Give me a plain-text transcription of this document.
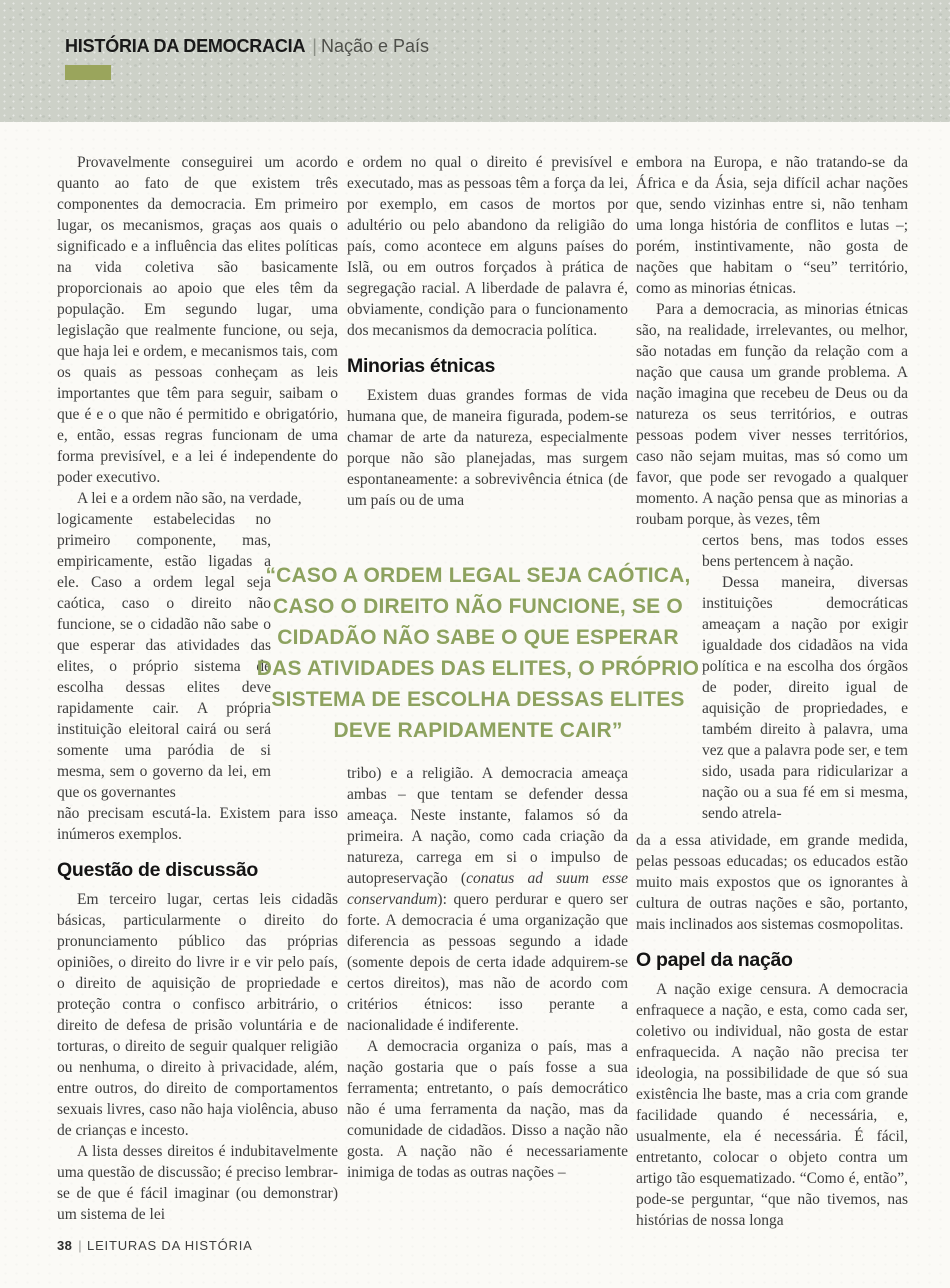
HISTÓRIA DA DEMOCRACIA | Nação e País

Provavelmente conseguirei um acordo quanto ao fato de que existem três componentes da democracia. Em primeiro lugar, os mecanismos, graças aos quais o significado e a influência das elites políticas na vida coletiva são basicamente proporcionais ao apoio que eles têm da população. Em segundo lugar, uma legislação que realmente funcione, ou seja, que haja lei e ordem, e mecanismos tais, com os quais as pessoas conheçam as leis importantes que têm para seguir, saibam o que é e o que não é permitido e obrigatório, e, então, essas regras funcionam de uma forma previsível, e a lei é independente do poder executivo.

A lei e a ordem não são, na verdade,

logicamente estabelecidas no primeiro componente, mas, empiricamente, estão ligadas a ele. Caso a ordem legal seja caótica, caso o direito não funcione, se o cidadão não sabe o que esperar das atividades das elites, o próprio sistema de escolha dessas elites deve rapidamente cair. A própria instituição eleitoral cairá ou será somente uma paródia de si mesma, sem o governo da lei, em que os governantes

não precisam escutá-la. Existem para isso inúmeros exemplos.

Questão de discussão

Em terceiro lugar, certas leis cidadãs básicas, particularmente o direito do pronunciamento público das próprias opiniões, o direito do livre ir e vir pelo país, o direito de aquisição de propriedade e proteção contra o confisco arbitrário, o direito de defesa de prisão voluntária e de torturas, o direito de seguir qualquer religião ou nenhuma, o direito à privacidade, além, entre outros, do direito de comportamentos sexuais livres, caso não haja violência, abuso de crianças e incesto.

A lista desses direitos é indubitavelmente uma questão de discussão; é preciso lembrar-se de que é fácil imaginar (ou demonstrar) um sistema de lei

e ordem no qual o direito é previsível e executado, mas as pessoas têm a força da lei, por exemplo, em casos de mortos por adultério ou pelo abandono da religião do país, como acontece em alguns países do Islã, ou em outros forçados à prática de segregação racial. A liberdade de palavra é, obviamente, condição para o funcionamento dos mecanismos da democracia política.

Minorias étnicas

Existem duas grandes formas de vida humana que, de maneira figurada, podem-se chamar de arte da natureza, especialmente porque não são planejadas, mas surgem espontaneamente: a sobrevivência étnica (de um país ou de uma

tribo) e a religião. A democracia ameaça ambas – que tentam se defender dessa ameaça. Neste instante, falamos só da primeira. A nação, como cada criação da natureza, carrega em si o impulso de autopreservação (conatus ad suum esse conservandum): quero perdurar e quero ser forte. A democracia é uma organização que diferencia as pessoas segundo a idade (somente depois de certa idade adquirem-se certos direitos), mas não de acordo com critérios étnicos: isso perante a nacionalidade é indiferente.

A democracia organiza o país, mas a nação gostaria que o país fosse a sua ferramenta; entretanto, o país democrático não é uma ferramenta da nação, mas da comunidade de cidadãos. Disso a nação não gosta. A nação não é necessariamente inimiga de todas as outras nações –

embora na Europa, e não tratando-se da África e da Ásia, seja difícil achar nações que, sendo vizinhas entre si, não tenham uma longa história de conflitos e lutas –; porém, instintivamente, não gosta de nações que habitam o “seu” território, como as minorias étnicas.

Para a democracia, as minorias étnicas são, na realidade, irrelevantes, ou melhor, são notadas em função da relação com a nação que causa um grande problema. A nação imagina que recebeu de Deus ou da natureza os seus territórios, e outras pessoas podem viver nesses territórios, caso não sejam muitas, mas só como um favor, que pode ser revogado a qualquer momento. A nação pensa que as minorias a roubam porque, às vezes, têm

certos bens, mas todos esses bens pertencem à nação.

Dessa maneira, diversas instituições democráticas ameaçam a nação por exigir igualdade dos cidadãos na vida política e na escolha dos órgãos de poder, direito igual de aquisição de propriedades, e também direito à palavra, uma vez que a palavra pode ser, e tem sido, usada para ridicularizar a nação ou a sua fé em si mesma, sendo atrela-

da a essa atividade, em grande medida, pelas pessoas educadas; os educados estão muito mais expostos que os ignorantes à cultura de outras nações e são, portanto, mais inclinados aos sistemas cosmopolitas.

O papel da nação

A nação exige censura. A democracia enfraquece a nação, e esta, como cada ser, coletivo ou individual, não gosta de estar enfraquecida. A nação não precisa ter ideologia, na possibilidade de que só sua existência lhe baste, mas a cria com grande facilidade quando é necessária, e, usualmente, ela é necessária. É fácil, entretanto, colocar o objeto contra um artigo tão esquematizado. “Como é, então”, pode-se perguntar, “que não tivemos, nas histórias de nossa longa

“CASO A ORDEM LEGAL SEJA CAÓTICA, CASO O DIREITO NÃO FUNCIONE, SE O CIDADÃO NÃO SABE O QUE ESPERAR DAS ATIVIDADES DAS ELITES, O PRÓPRIO SISTEMA DE ESCOLHA DESSAS ELITES DEVE RAPIDAMENTE CAIR”
38 | LEITURAS DA HISTÓRIA
